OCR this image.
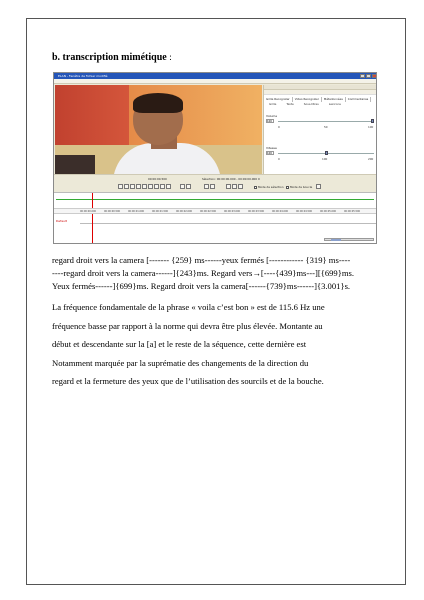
b. transcription mimétique :
ELAN - Fenêtre de fichier modifié
Grille Recognizer Video Recognizer Métadonnées Commentaires
Grille	Texte	Sous-titres	Lexicons
Volume
100
0	50	100
Vitesse
100
0	100	200
00:00:00.500	Sélection: 00:00:00.000 - 00:00:00.000 0
Mode de sélection	Mode de boucle
00:00:00.000	00:00:00.500	00:00:01.000	00:00:01.500	00:00:02.000	00:00:02.500	00:00:03.000	00:00:03.500	00:00:04.000	00:00:04.500	00:00:05.000	00:00:05.500
Default
regard droit vers la camera [------- {259} ms------yeux fermés [------------ {319} ms----
----regard droit vers la camera------]{243}ms. Regard vers→[----{439}ms---][{699}ms.
Yeux fermés------]{699}ms. Regard droit vers la camera[------{739}ms------]{3.001}s.
La fréquence fondamentale de la phrase « voila c’est bon » est de 115.6 Hz une
fréquence basse par rapport à la norme qui devra être plus élevée. Montante au
début et descendante sur la [a] et le reste de la séquence, cette dernière est
Notamment marquée par la suprématie des changements de la direction du
regard et la fermeture des yeux que de l’utilisation des sourcils et de la bouche.
